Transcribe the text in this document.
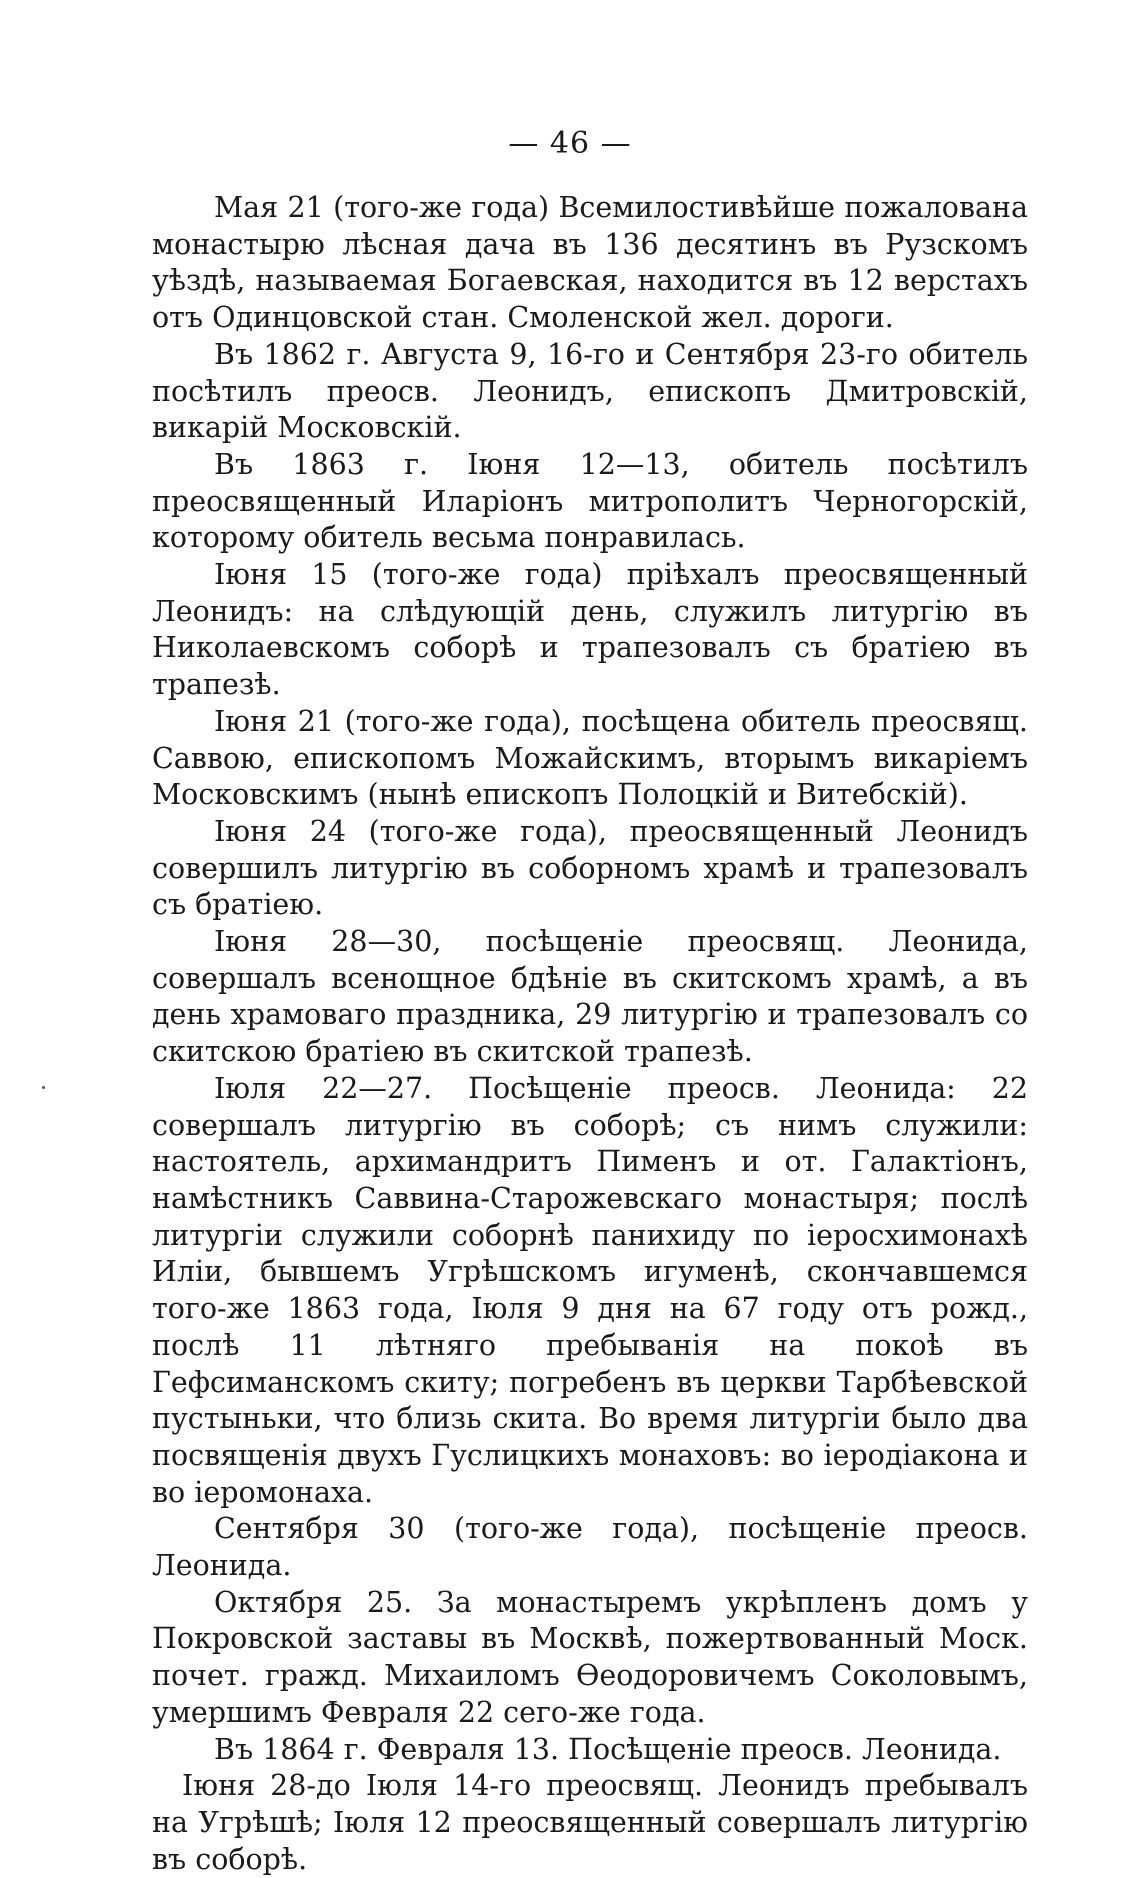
— 46 —

Мая 21 (того-же года) Всемилостивѣйше пожалована монастырю лѣсная дача въ 136 десятинъ въ Рузскомъ уѣздѣ, называемая Богаевская, находится въ 12 верстахъ отъ Одинцовской стан. Смоленской жел. дороги.

Въ 1862 г. Августа 9, 16-го и Сентября 23-го обитель посѣтилъ преосв. Леонидъ, епископъ Дмитровскій, викарій Московскій.

Въ 1863 г. Іюня 12—13, обитель посѣтилъ преосвященный Иларіонъ митрополитъ Черногорскій, которому обитель весьма понравилась.

Іюня 15 (того-же года) пріѣхалъ преосвященный Леонидъ: на слѣдующій день, служилъ литургію въ Николаевскомъ соборѣ и трапезовалъ съ братіею въ трапезѣ.

Іюня 21 (того-же года), посѣщена обитель преосвящ. Саввою, епископомъ Можайскимъ, вторымъ викаріемъ Московскимъ (нынѣ епископъ Полоцкій и Витебскій).

Іюня 24 (того-же года), преосвященный Леонидъ совершилъ литургію въ соборномъ храмѣ и трапезовалъ съ братіею.

Іюня 28—30, посѣщеніе преосвящ. Леонида, совершалъ всенощное бдѣніе въ скитскомъ храмѣ, а въ день храмоваго праздника, 29 литургію и трапезовалъ со скитскою братіею въ скитской трапезѣ.

Іюля 22—27. Посѣщеніе преосв. Леонида: 22 совершалъ литургію въ соборѣ; съ нимъ служили: настоятель, архимандритъ Пименъ и от. Галактіонъ, намѣстникъ Саввина-Старожевскаго монастыря; послѣ литургіи служили соборнѣ панихиду по іеросхимонахѣ Иліи, бывшемъ Угрѣшскомъ игуменѣ, скончавшемся того-же 1863 года, Іюля 9 дня на 67 году отъ рожд., послѣ 11 лѣтняго пребыванія на покоѣ въ Гефсиманскомъ скиту; погребенъ въ церкви Тарбѣевской пустыньки, что близь скита. Во время литургіи было два посвященія двухъ Гуслицкихъ монаховъ: во іеродіакона и во іеромонаха.

Сентября 30 (того-же года), посѣщеніе преосв. Леонида.

Октября 25. За монастыремъ укрѣпленъ домъ у Покровской заставы въ Москвѣ, пожертвованный Моск. почет. гражд. Михаиломъ Өеодоровичемъ Соколовымъ, умершимъ Февраля 22 сего-же года.

Въ 1864 г. Февраля 13. Посѣщеніе преосв. Леонида.

Іюня 28-до Іюля 14-го преосвящ. Леонидъ пребывалъ на Угрѣшѣ; Іюля 12 преосвященный совершалъ литургію въ соборѣ.
